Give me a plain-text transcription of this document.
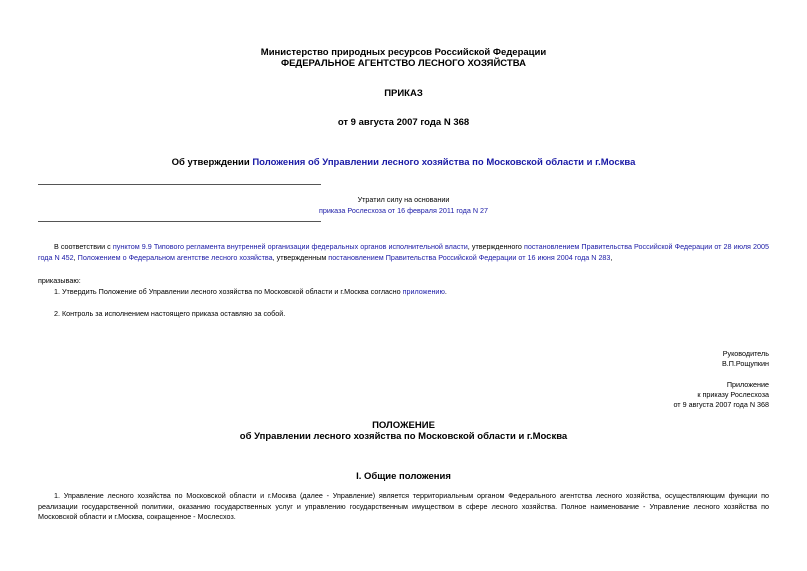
Министерство природных ресурсов Российской Федерации
ФЕДЕРАЛЬНОЕ АГЕНТСТВО ЛЕСНОГО ХОЗЯЙСТВА
ПРИКАЗ
от 9 августа 2007 года N 368
Об утверждении Положения об Управлении лесного хозяйства по Московской области и г.Москва
Утратил силу на основании
приказа Рослесхоза от 16 февраля 2011 года N 27
В соответствии с пунктом 9.9 Типового регламента внутренней организации федеральных органов исполнительной власти, утвержденного постановлением Правительства Российской Федерации от 28 июля 2005 года N 452, Положением о Федеральном агентстве лесного хозяйства, утвержденным постановлением Правительства Российской Федерации от 16 июня 2004 года N 283,
приказываю:
1. Утвердить Положение об Управлении лесного хозяйства по Московской области и г.Москва согласно приложению.
2. Контроль за исполнением настоящего приказа оставляю за собой.
Руководитель
В.П.Рощупкин
Приложение
к приказу Рослесхоза
от 9 августа 2007 года N 368
ПОЛОЖЕНИЕ
об Управлении лесного хозяйства по Московской области и г.Москва
I. Общие положения
1. Управление лесного хозяйства по Московской области и г.Москва (далее - Управление) является территориальным органом Федерального агентства лесного хозяйства, осуществляющим функции по реализации государственной политики, оказанию государственных услуг и управлению государственным имуществом в сфере лесного хозяйства. Полное наименование - Управление лесного хозяйства по Московской области и г.Москва, сокращенное - Мослесхоз.
